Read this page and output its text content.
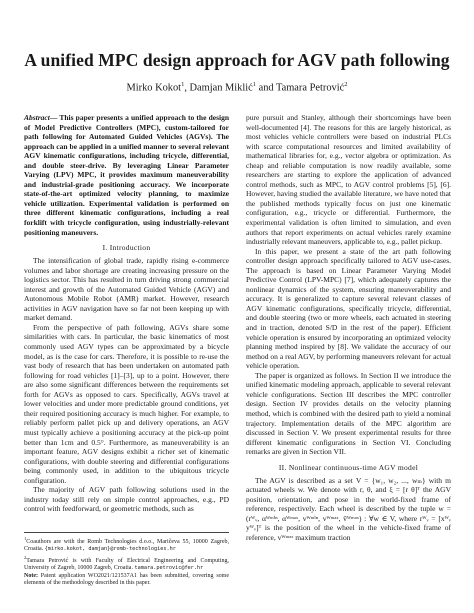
A unified MPC design approach for AGV path following
Mirko Kokot$^1$, Damjan Miklić$^1$ and Tamara Petrović$^2$

Abstract— This paper presents a unified approach to the design of Model Predictive Controllers (MPC), custom-tailored for path following for Automated Guided Vehicles (AGVs). The approach can be applied in a unified manner to several relevant AGV kinematic configurations, including tricycle, differential, and double steer-drive. By leveraging Linear Parameter Varying (LPV) MPC, it provides maximum maneuverability and industrial-grade positioning accuracy. We incorporate state-of-the-art optimized velocity planning, to maximize vehicle utilization. Experimental validation is performed on three different kinematic configurations, including a real forklift with tricycle configuration, using industrially-relevant positioning maneuvers.

I. Introduction

The intensification of global trade, rapidly rising e-commerce volumes and labor shortage are creating increasing pressure on the logistics sector. This has resulted in turn driving strong commercial interest and growth of the Automated Guided Vehicle (AGV) and Autonomous Mobile Robot (AMR) market. However, research activities in AGV navigation have so far not been keeping up with market demand.

From the perspective of path following, AGVs share some similarities with cars. In particular, the basic kinematics of most commonly used AGV types can be approximated by a bicycle model, as is the case for cars. Therefore, it is possible to re-use the vast body of research that has been undertaken on automated path following for road vehicles [1]–[3], up to a point. However, there are also some significant differences between the requirements set forth for AGVs as opposed to cars. Specifically, AGVs travel at lower velocities and under more predictable ground conditions, yet their required positioning accuracy is much higher. For example, to reliably perform pallet pick up and delivery operations, an AGV must typically achieve a positioning accuracy at the pick-up point better than 1cm and 0.5°. Furthermore, as maneuverability is an important feature, AGV designs exhibit a richer set of kinematic configurations, with double steering and differential configurations being commonly used, in addition to the ubiquitous tricycle configuration.

The majority of AGV path following solutions used in the industry today still rely on simple control approaches, e.g., PD control with feedforward, or geometric methods, such as

$^1$Coauthors are with the Romb Technologies d.o.o., Maričeva 55, 10000 Zagreb, Croatia. {mirko.kokot, damjan}@romb-technologies.hr

$^2$Tamara Petrović is with Faculty of Electrical Engineering and Computing, University of Zagreb, 10000 Zagreb, Croatia. tamara.petrovic@fer.hr

Note: Patent application WO2021/121537A1 has been submitted, covering some elements of the methodology described in this paper.

pure pursuit and Stanley, although their shortcomings have been well-documented [4]. The reasons for this are largely historical, as most vehicles vehicle controllers were based on industrial PLCs with scarce computational resources and limited availability of mathematical libraries for, e.g., vector algebra or optimization. As cheap and reliable computation is now readily available, some researchers are starting to explore the application of advanced control methods, such as MPC, to AGV control problems [5], [6]. However, having studied the available literature, we have noted that the published methods typically focus on just one kinematic configuration, e.g., tricycle or differential. Furthermore, the experimental validation is often limited to simulation, and even authors that report experiments on actual vehicles rarely examine industrially relevant maneuvers, applicable to, e.g., pallet pickup.

In this paper, we present a state of the art path following controller design approach specifically tailored to AGV use-cases. The approach is based on Linear Parameter Varying Model Predictive Control (LPV-MPC) [7], which adequately captures the nonlinear dynamics of the system, ensuring maneuverability and accuracy. It is generalized to capture several relevant classes of AGV kinematic configurations, specifically tricycle, differential, and double steering (two or more wheels, each actuated in steering and in traction, denoted S/D in the rest of the paper). Efficient vehicle operation is ensured by incorporating an optimized velocity planning method inspired by [8]. We validate the accuracy of our method on a real AGV, by performing maneuvers relevant for actual vehicle operation.

The paper is organized as follows. In Section II we introduce the unified kinematic modeling approach, applicable to several relevant vehicle configurations. Section III describes the MPC controller design. Section IV provides details on the velocity planning method, which is combined with the desired path to yield a nominal trajectory. Implementation details of the MPC algorithm are discussed in Section V. We present experimental results for three different kinematic configurations in Section VI. Concluding remarks are given in Section VII.

II. Nonlinear continuous-time AGV model

The AGV is described as a set V = {w₁, w₂, ..., wₘ} with m actuated wheels w. We denote with r, θ, and ξ = [r θ]ᵀ the AGV position, orientation, and pose in the world-fixed frame of reference, respectively. Each wheel is described by the tuple w = (rᵂᵥ, αᵂᵐⁱⁿ, αᵂᵐᵃˣ, vᵂᵐⁱⁿ, vᵂᵐᵃˣ, ṽᵂᵐᵃˣ) : ∀w ∈ V, where rᵂᵥ = [xᵂᵥ yᵂᵥ]ᵀ is the position of the wheel in the vehicle-fixed frame of reference, vᵂᵐᵃˣ maximum traction
